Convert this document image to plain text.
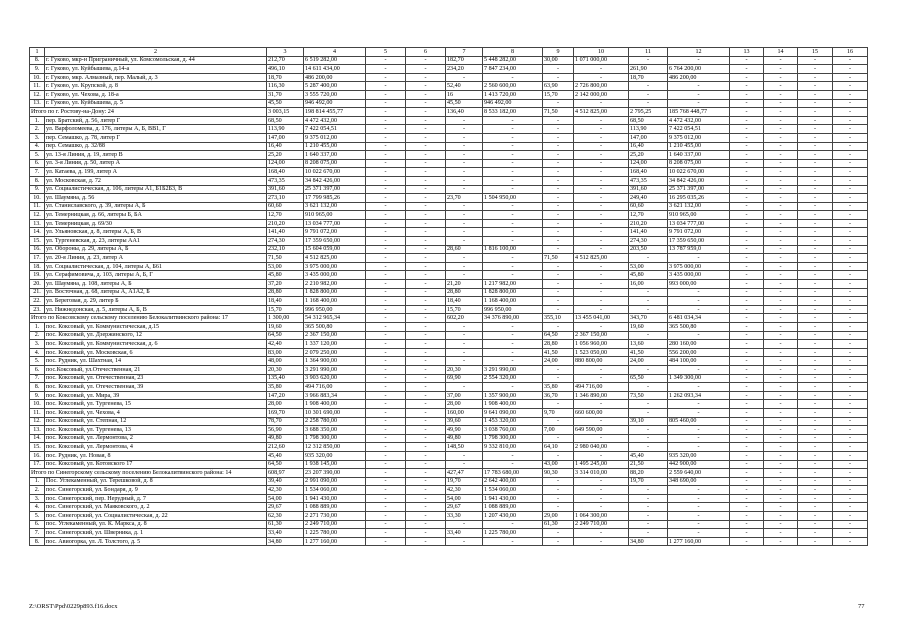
1	2	3	4	5	6	7	8	9	10	11	12	13	14	15	16
8.	г. Гуково, мкр-н Приграничный, ул. Комсомольская, д. 44	212,70	6 519 282,00	-	-	182,70	5 448 282,00	30,00	1 071 000,00	-	-	-	-	-	-
9.	г. Гуково, ул. Куйбышева, д.14-а	496,10	14 611 434,00	-	-	234,20	7 847 234,00	-	-	261,90	6 764 200,00	-	-	-	-
10.	г. Гуково, мкр. Алмазный, пер. Малый, д. 3	18,70	486 200,00	-	-	-	-	-	-	18,70	486 200,00	-	-	-	-
11.	г. Гуково, ул. Крупской, д. 8	116,30	5 287 400,00	-	-	52,40	2 560 600,00	63,90	2 726 800,00	-	-	-	-	-	-
12.	г. Гуково, ул. Чехова, д. 18-а	31,70	3 555 720,00	-	-	16	1 413 720,00	15,70	2 142 000,00	-	-	-	-	-	-
13.	г. Гуково, ул. Куйбышева, д. 5	45,50	946 492,00	-	-	45,50	946 492,00	-	-	-	-	-	-	-	-
Итого по г. Ростову-на-Дону: 24		3 003,15	198 814 455,77	-	-	136,40	8 533 182,00	71,50	4 512 825,00	2 795,25	185 768 448,77	-	-	-	-
1.	пер. Братский, д. 56, литер Г	68,50	4 472 432,00	-	-	-	-	-	-	68,50	4 472 432,00	-	-	-	-
2.	ул. Варфоломеева, д. 176, литеры А, Б, ВВ1, Г	113,90	7 422 054,51	-	-	-	-	-	-	113,90	7 422 054,51	-	-	-	-
3.	пер. Семашко, д. 78, литер Г	147,00	9 375 012,00	-	-	-	-	-	-	147,00	9 375 012,00	-	-	-	-
4.	пер. Семашко, д. 32/88	16,40	1 210 455,00	-	-	-	-	-	-	16,40	1 210 455,00	-	-	-	-
5.	ул. 13-я Линия, д. 19, литер В	25,20	1 640 337,00	-	-	-	-	-	-	25,20	1 640 337,00	-	-	-	-
6.	ул. 3-я Линия, д. 50, литер А	124,00	8 208 075,00	-	-	-	-	-	-	124,00	8 208 075,00	-	-	-	-
7.	ул. Катаева, д. 199, литер А	168,40	10 022 670,00	-	-	-	-	-	-	168,40	10 022 670,00	-	-	-	-
8.	ул. Московская, д. 72	473,35	34 842 426,00	-	-	-	-	-	-	473,35	34 842 426,00	-	-	-	-
9.	ул. Социалистическая, д. 106, литеры А1, Б1Б2Б3, В	391,60	25 371 397,00	-	-	-	-	-	-	391,60	25 371 397,00	-	-	-	-
10.	ул. Шаумяна, д. 56	273,10	17 799 985,26	-	-	23,70	1 504 950,00	-	-	249,40	16 295 035,26	-	-	-	-
11.	ул. Станиславского, д. 39, литеры А, Б	60,60	3 621 132,00	-	-	-	-	-	-	60,60	3 621 132,00	-	-	-	-
12.	ул. Темерницкая, д. 66, литеры Б, БА	12,70	910 965,00	-	-	-	-	-	-	12,70	910 965,00	-	-	-	-
13.	ул. Темерницкая, д. 69/30	210,20	13 034 777,00	-	-	-	-	-	-	210,20	13 034 777,00	-	-	-	-
14.	ул. Ульяновская, д. 8, литеры А, Б, В	141,40	9 791 072,00	-	-	-	-	-	-	141,40	9 791 072,00	-	-	-	-
15.	ул. Тургеневская, д. 23, литеры АА1	274,30	17 359 650,00	-	-	-	-	-	-	274,30	17 359 650,00	-	-	-	-
16.	ул. Обороны, д. 29, литеры А, Б	232,10	15 604 059,00	-	-	28,60	1 816 100,00	-	-	203,50	13 787 959,0	-	-	-	-
17.	ул. 20-я Линия, д. 23, литер А	71,50	4 512 825,00	-	-	-	-	71,50	4 512 825,00	-	-	-	-	-	-
18.	ул. Социалистическая, д. 104, литеры А, Б61	53,00	3 975 000,00	-	-	-	-	-	-	53,00	3 975 000,00	-	-	-	-
19.	ул. Серафимовича, д. 103, литеры А, Б, Г	45,80	3 435 000,00	-	-	-	-	-	-	45,80	3 435 000,00	-	-	-	-
20.	ул. Шаумяна, д. 108, литеры А, Б	37,20	2 210 982,00	-	-	21,20	1 217 982,00	-	-	16,00	993 000,00	-	-	-	-
21.	ул. Восточная, д. 68, литеры А, А1А2, Б	28,80	1 828 800,00	-	-	28,80	1 828 800,00	-	-	-	-	-	-	-	-
22.	ул. Береговая, д. 29, литер Б	18,40	1 168 400,00	-	-	18,40	1 168 400,00	-	-	-	-	-	-	-	-
23.	ул. Нижнедонская, д. 5, литеры А, Б, В	15,70	996 950,00	-	-	15,70	996 950,00	-	-	-	-	-	-	-	-
Итого по Коксовскому сельскому поселению Белокалитвинского района: 17		1 300,00	54 312 965,34	-	-	602,20	34 376 890,00	355,10	13 455 041,00	343,70	6 481 034,34	-	-	-	-
1.	пос. Коксовый, ул. Коммунистическая, д.15	19,60	365 500,80	-	-	-	-	-	-	19,60	365 500,80	-	-	-	-
2.	пос. Коксовый, ул. Дзержинского, 12	64,50	2 367 150,00	-	-	-	-	64,50	2 367 150,00	-	-	-	-	-	-
3.	пос. Коксовый, ул. Коммунистическая, д. 6	42,40	1 337 120,00	-	-	-	-	28,80	1 056 960,00	13,60	280 160,00	-	-	-	-
4.	пос. Коксовый, ул. Московская, 6	83,00	2 079 250,00	-	-	-	-	41,50	1 523 050,00	41,50	556 200,00	-	-	-	-
5.	пос. Рудник, ул. Шахтная, 14	48,00	1 364 900,00	-	-	-	-	24,00	880 800,00	24,00	484 100,00	-	-	-	-
6.	пос.Коксовый, ул.Отечественная, 21	20,30	3 291 990,00	-	-	20,30	3 291 990,00	-	-	-	-	-	-	-	-
7.	пос. Коксовый, ул. Отечественная, 23	135,40	3 903 620,00	-	-	69,90	2 554 320,00	-	-	65,50	1 349 300,00	-	-	-	-
8.	пос. Коксовый, ул. Отечественная, 39	35,80	494 716,00	-	-	-	-	35,80	494 716,00	-	-	-	-	-	-
9.	пос. Коксовый, ул. Мира, 39	147,20	3 966 883,34	-	-	37,00	1 357 900,00	36,70	1 346 890,00	73,50	1 262 093,34	-	-	-	-
10.	пос. Коксовый, ул. Тургенева, 15	28,00	1 908 400,00	-	-	28,00	1 908 400,00	-	-	-	-	-	-	-	-
11.	пос. Коксовый, ул. Чехова, 4	169,70	10 301 690,00	-	-	160,00	9 641 090,00	9,70	660 600,00	-	-	-	-	-	-
12.	пос. Коксовый, ул. Степная, 12	78,70	2 258 780,00	-	-	39,60	1 453 320,00	-	-	39,10	805 460,00	-	-	-	-
13.	пос. Коксовый, ул. Тургенева, 13	56,90	3 688 350,00	-	-	49,90	3 038 760,00	7,00	649 590,00	-	-	-	-	-	-
14.	пос. Коксовый, ул. Лермонтова, 2	49,80	1 798 300,00	-	-	49,80	1 798 300,00	-	-	-	-	-	-	-	-
15.	пос. Коксовый, ул. Лермонтова, 4	212,60	12 312 850,00	-	-	148,50	9 332 810,00	64,10	2 980 040,00	-	-	-	-	-	-
16.	пос. Рудник, ул. Новая, 8	45,40	935 320,00	-	-	-	-	-	-	45,40	935 320,00	-	-	-	-
17.	пос. Коксовый, ул. Котовского 17	64,50	1 938 145,00	-	-	-	-	43,00	1 495 245,00	21,50	442 900,00	-	-	-	-
Итого по Синегорскому сельскому поселению Белокалитвинского района: 14		608,97	23 207 390,00	-	-	427,47	17 783 680,00	90,30	3 314 010,00	88,20	2 559 640,00	-	-	-	-
1.	Пос. Углекаменный, ул. Терешковой, д. 8	39,40	2 991 090,00	-	-	19,70	2 642 400,00	-	-	19,70	348 690,00	-	-	-	-
2.	пос. Синегорский, ул. Бондаря, д. 9	42,30	1 534 060,00	-	-	42,30	1 534 060,00	-	-	-	-	-	-	-	-
3.	пос. Синегорский, пер. Нерудный, д. 7	54,00	1 941 430,00	-	-	54,00	1 941 430,00	-	-	-	-	-	-	-	-
4.	пос. Синегорский, ул. Маяковского, д. 2	29,67	1 088 889,00	-	-	29,67	1 088 889,00	-	-	-	-	-	-	-	-
5.	пос. Синегорский, ул. Социалистическая, д. 22	62,30	2 271 730,00	-	-	33,30	1 207 430,00	29,00	1 064 300,00	-	-	-	-	-	-
6.	пос. Углекаменный, ул. К. Маркса, д. 8	61,30	2 249 710,00	-	-	-	-	61,30	2 249 710,00	-	-	-	-	-	-
7.	пос. Синегорский, ул. Шверника, д. 1	33,40	1 225 780,00	-	-	33,40	1 225 780,00	-	-	-	-	-	-	-	-
8.	пос. Авиогорка, ул. Л. Толстого, д. 5	34,80	1 277 160,00	-	-	-	-	-	-	34,80	1 277 160,00	-	-	-	-
Z:\ORST\Ppd\0229p893.f16.docx	77
